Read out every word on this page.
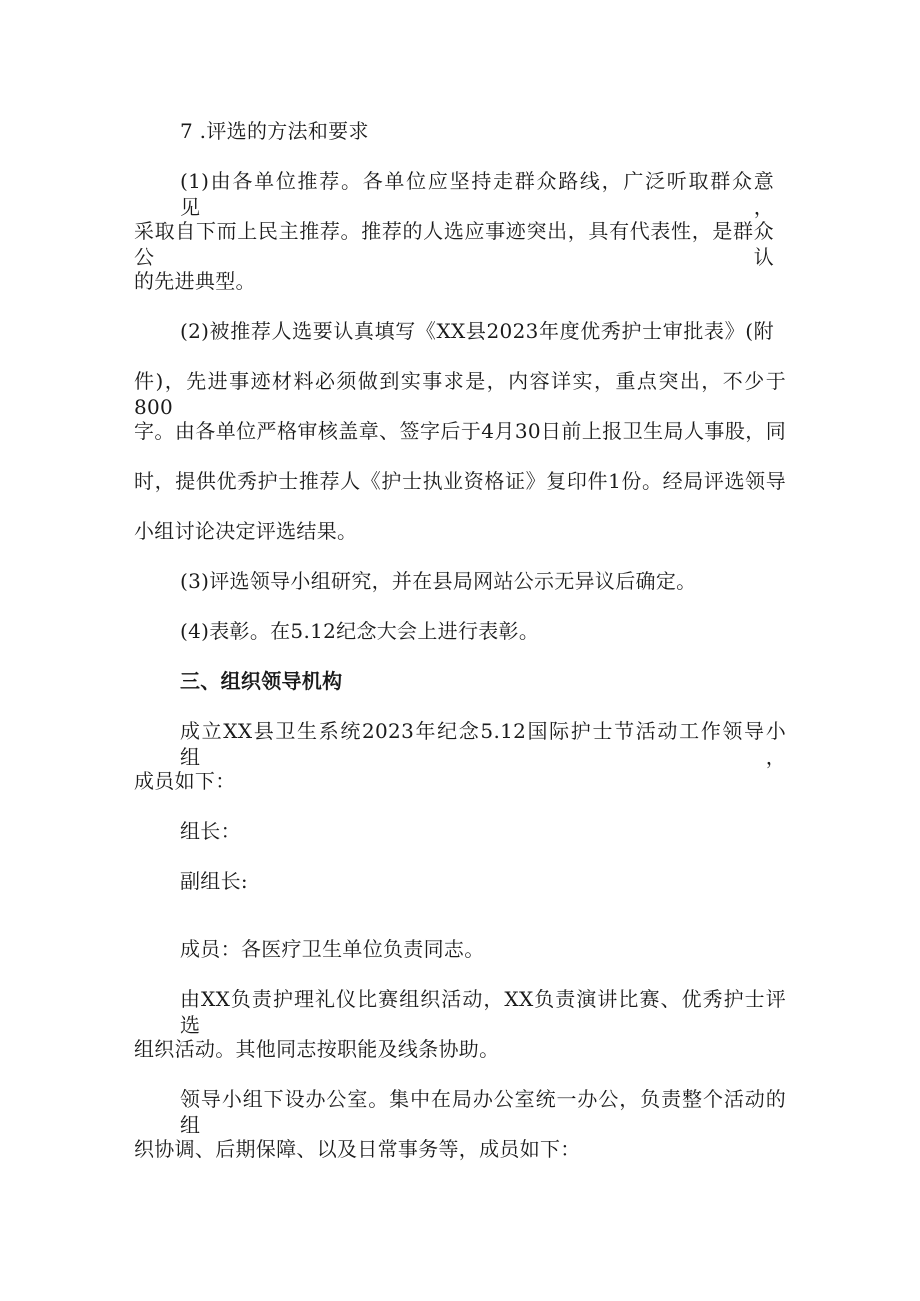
7 .评选的方法和要求
(1)由各单位推荐。各单位应坚持走群众路线，广泛听取群众意见，
采取自下而上民主推荐。推荐的人选应事迹突出，具有代表性，是群众公认
的先进典型。
(2)被推荐人选要认真填写《XX县2023年度优秀护士审批表》(附
件)，先进事迹材料必须做到实事求是，内容详实，重点突出，不少于800
字。由各单位严格审核盖章、签字后于4月30日前上报卫生局人事股，同
时，提供优秀护士推荐人《护士执业资格证》复印件1份。经局评选领导
小组讨论决定评选结果。
(3)评选领导小组研究，并在县局网站公示无异议后确定。
(4)表彰。在5.12纪念大会上进行表彰。
三、组织领导机构
成立XX县卫生系统2023年纪念5.12国际护士节活动工作领导小组，
成员如下：
组长：
副组长:
成员：各医疗卫生单位负责同志。
由XX负责护理礼仪比赛组织活动，XX负责演讲比赛、优秀护士评选
组织活动。其他同志按职能及线条协助。
领导小组下设办公室。集中在局办公室统一办公，负责整个活动的组
织协调、后期保障、以及日常事务等，成员如下：
